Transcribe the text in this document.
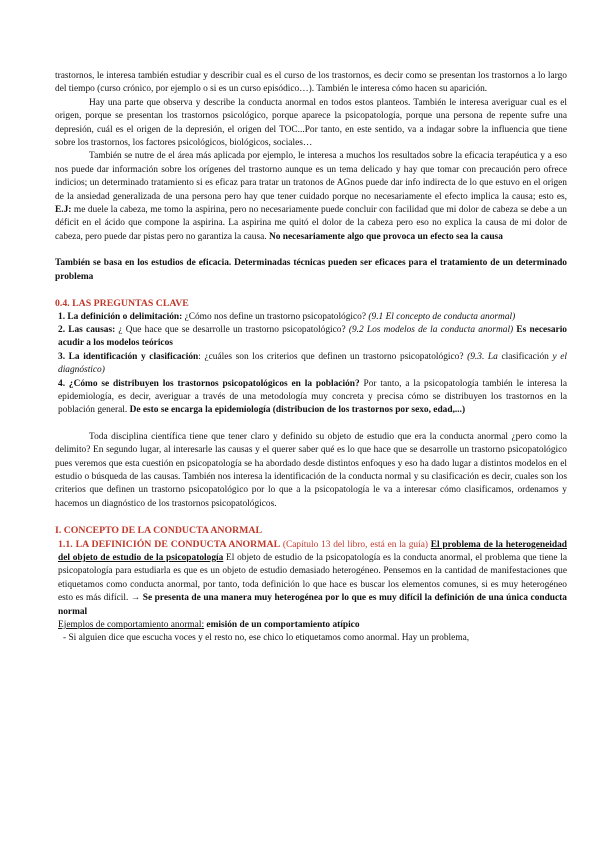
trastornos, le interesa también estudiar y describir cual es el curso de los trastornos, es decir como se presentan los trastornos a lo largo del tiempo (curso crónico, por ejemplo o si es un curso episódico…). También le interesa cómo hacen su aparición.

Hay una parte que observa y describe la conducta anormal en todos estos planteos. También le interesa averiguar cual es el origen, porque se presentan los trastornos psicológico, porque aparece la psicopatología, porque una persona de repente sufre una depresión, cuál es el origen de la depresión, el origen del TOC...Por tanto, en este sentido, va a indagar sobre la influencia que tiene sobre los trastornos, los factores psicológicos, biológicos, sociales…

También se nutre de el área más aplicada por ejemplo, le interesa a muchos los resultados sobre la eficacia terapéutica y a eso nos puede dar información sobre los orígenes del trastorno aunque es un tema delicado y hay que tomar con precaución pero ofrece indicios; un determinado tratamiento si es eficaz para tratar un tratonos de AGnos puede dar info indirecta de lo que estuvo en el origen de la ansiedad generalizada de una persona pero hay que tener cuidado porque no necesariamente el efecto implica la causa; esto es, E.J: me duele la cabeza, me tomo la aspirina, pero no necesariamente puede concluir con facilidad que mi dolor de cabeza se debe a un déficit en el ácido que compone la aspirina. La aspirina me quitó el dolor de la cabeza pero eso no explica la causa de mi dolor de cabeza, pero puede dar pistas pero no garantiza la causa. No necesariamente algo que provoca un efecto sea la causa

También se basa en los estudios de eficacia. Determinadas técnicas pueden ser eficaces para el tratamiento de un determinado problema

0.4. LAS PREGUNTAS CLAVE

1. La definición o delimitación: ¿Cómo nos define un trastorno psicopatológico? (9.1 El concepto de conducta anormal)

2. Las causas: ¿ Que hace que se desarrolle un trastorno psicopatológico? (9.2 Los modelos de la conducta anormal) Es necesario acudir a los modelos teóricos

3. La identificación y clasificación: ¿cuáles son los criterios que definen un trastorno psicopatológico? (9.3. La clasificación y el diagnóstico)

4. ¿Cómo se distribuyen los trastornos psicopatológicos en la población? Por tanto, a la psicopatología también le interesa la epidemiología, es decir, averiguar a través de una metodología muy concreta y precisa cómo se distribuyen los trastornos en la población general. De esto se encarga la epidemiología (distribucion de los trastornos por sexo, edad,...)

Toda disciplina científica tiene que tener claro y definido su objeto de estudio que era la conducta anormal ¿pero como la delimito? En segundo lugar, al interesarle las causas y el querer saber qué es lo que hace que se desarrolle un trastorno psicopatológico pues veremos que esta cuestión en psicopatología se ha abordado desde distintos enfoques y eso ha dado lugar a distintos modelos en el estudio o búsqueda de las causas. También nos interesa la identificación de la conducta normal y su clasificación es decir, cuales son los criterios que definen un trastorno psicopatológico por lo que a la psicopatología le va a interesar cómo clasificamos, ordenamos y hacemos un diagnóstico de los trastornos psicopatológicos.

I. CONCEPTO DE LA CONDUCTA ANORMAL

1.1. LA DEFINICIÓN DE CONDUCTA ANORMAL (Capítulo 13 del libro, está en la guía) El problema de la heterogeneidad del objeto de estudio de la psicopatología El objeto de estudio de la psicopatología es la conducta anormal, el problema que tiene la psicopatología para estudiarla es que es un objeto de estudio demasiado heterogéneo. Pensemos en la cantidad de manifestaciones que etiquetamos como conducta anormal, por tanto, toda definición lo que hace es buscar los elementos comunes, si es muy heterogéneo esto es más difícil. → Se presenta de una manera muy heterogénea por lo que es muy difícil la definición de una única conducta normal

Ejemplos de comportamiento anormal: emisión de un comportamiento atípico

- Si alguien dice que escucha voces y el resto no, ese chico lo etiquetamos como anormal. Hay un problema,
